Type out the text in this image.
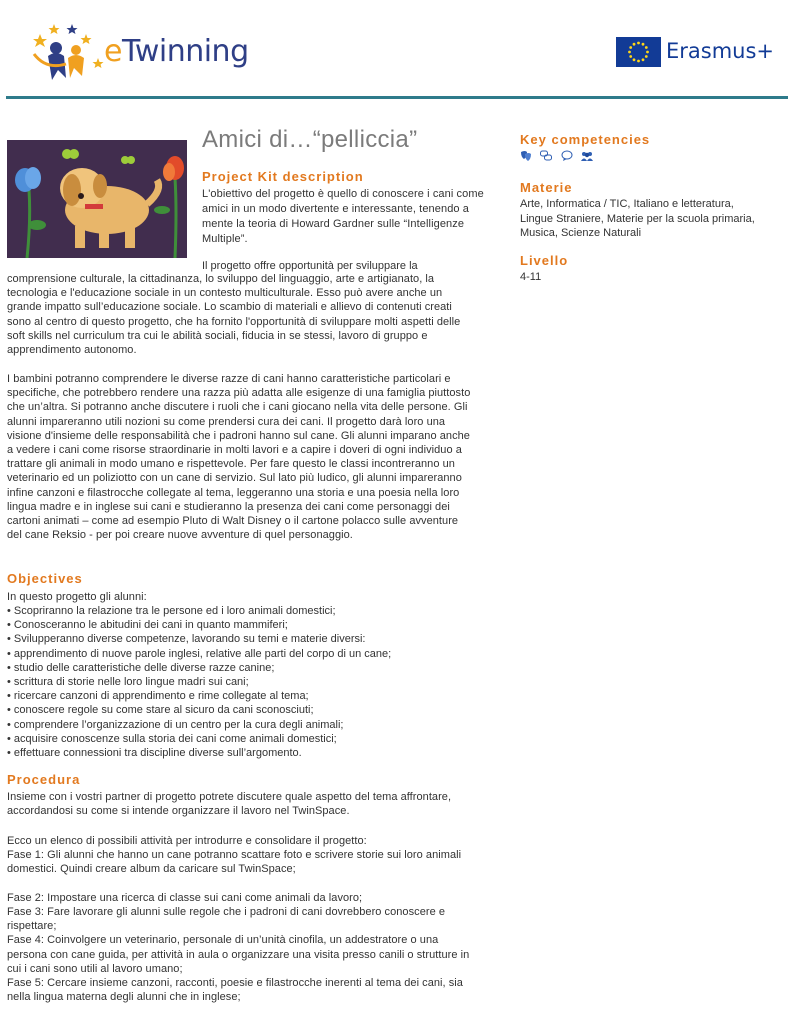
eTwinning	Erasmus+
Amici di…“pelliccia”
Project Kit description

L'obiettivo del progetto è quello di conoscere i cani come
amici in un modo divertente e interessante, tenendo a
mente la teoria di Howard Gardner sulle “Intelligenze
Multiple”.

Il progetto offre opportunità per sviluppare la

comprensione culturale, la cittadinanza, lo sviluppo del linguaggio, arte e artigianato, la
tecnologia e l'educazione sociale in un contesto multiculturale. Esso può avere anche un
grande impatto sull’educazione sociale. Lo scambio di materiali e allievo di contenuti creati
sono al centro di questo progetto, che ha fornito l'opportunità di sviluppare molti aspetti delle
soft skills nel curriculum tra cui le abilità sociali, fiducia in se stessi, lavoro di gruppo e
apprendimento autonomo.

I bambini potranno comprendere le diverse razze di cani hanno caratteristiche particolari e
specifiche, che potrebbero rendere una razza più adatta alle esigenze di una famiglia piuttosto
che un’altra. Si potranno anche discutere i ruoli che i cani giocano nella vita delle persone. Gli
alunni impareranno utili nozioni su come prendersi cura dei cani. Il progetto darà loro una
visione d'insieme delle responsabilità che i padroni hanno sul cane. Gli alunni imparano anche
a vedere i cani come risorse straordinarie in molti lavori e a capire i doveri di ogni individuo a
trattare gli animali in modo umano e rispettevole. Per fare questo le classi incontreranno un
veterinario ed un poliziotto con un cane di servizio. Sul lato più ludico, gli alunni impareranno
infine canzoni e filastrocche collegate al tema, leggeranno una storia e una poesia nella loro
lingua madre e in inglese sui cani e studieranno la presenza dei cani come personaggi dei
cartoni animati – come ad esempio Pluto di Walt Disney o il cartone polacco sulle avventure
del cane Reksio - per poi creare nuove avventure di quel personaggio.

Objectives

In questo progetto gli alunni:

• Scopriranno la relazione tra le persone ed i loro animali domestici;
• Conosceranno le abitudini dei cani in quanto mammiferi;
• Svilupperanno diverse competenze, lavorando su temi e materie diversi:
• apprendimento di nuove parole inglesi, relative alle parti del corpo di un cane;
• studio delle caratteristiche delle diverse razze canine;
• scrittura di storie nelle loro lingue madri sui cani;
• ricercare canzoni di apprendimento e rime collegate al tema;
• conoscere regole su come stare al sicuro da cani sconosciuti;
• comprendere l’organizzazione di un centro per la cura degli animali;
• acquisire conoscenze sulla storia dei cani come animali domestici;
• effettuare connessioni tra discipline diverse sull’argomento.
Procedura

Insieme con i vostri partner di progetto potrete discutere quale aspetto del tema affrontare,
accordandosi su come si intende organizzare il lavoro nel TwinSpace.

Ecco un elenco di possibili attività per introdurre e consolidare il progetto:
Fase 1: Gli alunni che hanno un cane potranno scattare foto e scrivere storie sui loro animali
domestici. Quindi creare album da caricare sul TwinSpace;
Fase 2: Impostare una ricerca di classe sui cani come animali da lavoro;
Fase 3: Fare lavorare gli alunni sulle regole che i padroni di cani dovrebbero conoscere e
rispettare;
Fase 4: Coinvolgere un veterinario, personale di un’unità cinofila, un addestratore o una
persona con cane guida, per attività in aula o organizzare una visita presso canili o strutture in
cui i cani sono utili al lavoro umano;
Fase 5: Cercare insieme canzoni, racconti, poesie e filastrocche inerenti al tema dei cani, sia
nella lingua materna degli alunni che in inglese;

Key competencies

Materie

Arte, Informatica / TIC, Italiano e letteratura,
Lingue Straniere, Materie per la scuola primaria,
Musica, Scienze Naturali

Livello

4-11
